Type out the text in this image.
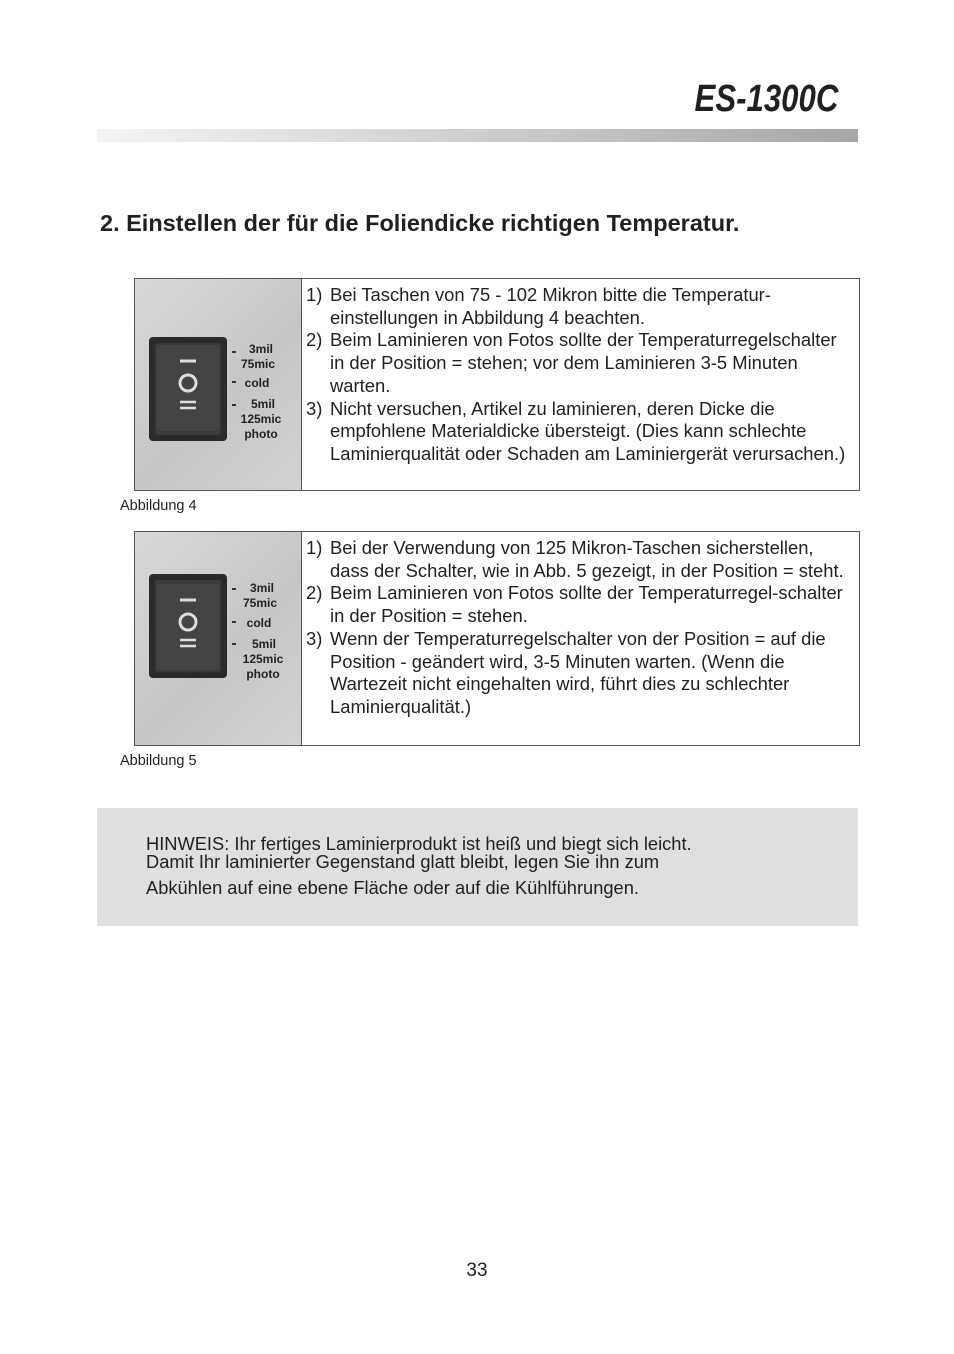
ES-1300C
2. Einstellen der für die Foliendicke richtigen Temperatur.
3mil
75mic
cold
5mil
125mic
photo
1) Bei Taschen von 75 - 102 Mikron bitte die Temperatur-einstellungen in Abbildung 4 beachten.
2) Beim Laminieren von Fotos sollte der Temperaturregelschalter in der Position = stehen; vor dem Laminieren 3-5 Minuten warten.
3) Nicht versuchen, Artikel zu laminieren, deren Dicke die empfohlene Materialdicke übersteigt. (Dies kann schlechte Laminierqualität oder Schaden am Laminiergerät verursachen.)
Abbildung 4
3mil
75mic
cold
5mil
125mic
photo
1) Bei der Verwendung von 125 Mikron-Taschen sicherstellen, dass der Schalter, wie in Abb. 5 gezeigt, in der Position = steht.
2) Beim Laminieren von Fotos sollte der Temperaturregel-schalter in der Position = stehen.
3) Wenn der Temperaturregelschalter von der Position = auf die Position - geändert wird, 3-5 Minuten warten. (Wenn die Wartezeit nicht eingehalten wird, führt dies zu schlechter Laminierqualität.)
Abbildung 5

HINWEIS: Ihr fertiges Laminierprodukt ist heiß und biegt sich leicht.

Damit Ihr laminierter Gegenstand glatt bleibt, legen Sie ihn zum

Abkühlen auf eine ebene Fläche oder auf die Kühlführungen.

33
